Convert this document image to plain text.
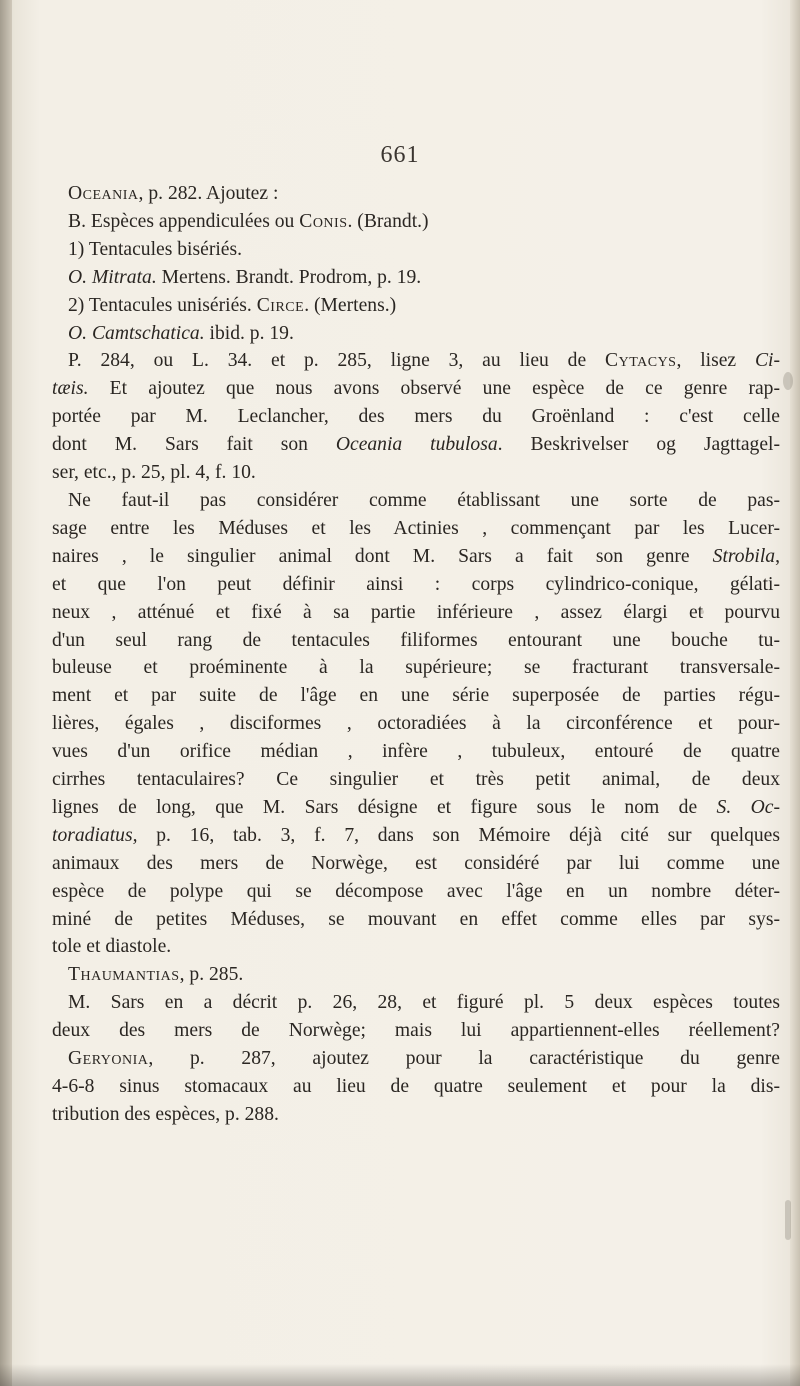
661
Oceania, p. 282. Ajoutez :
B. Espèces appendiculées ou Conis. (Brandt.)
1) Tentacules bisériés.
O. Mitrata. Mertens. Brandt. Prodrom, p. 19.
2) Tentacules unisériés. Circe. (Mertens.)
O. Camtschatica. ibid. p. 19.
P. 284, ou L. 34. et p. 285, ligne 3, au lieu de Cytacys, lisez Ci-
tæis. Et ajoutez que nous avons observé une espèce de ce genre rap-
portée par M. Leclancher, des mers du Groënland : c'est celle
dont M. Sars fait son Oceania tubulosa. Beskrivelser og Jagttagel-
ser, etc., p. 25, pl. 4, f. 10.
Ne faut-il pas considérer comme établissant une sorte de pas-
sage entre les Méduses et les Actinies , commençant par les Lucer-
naires , le singulier animal dont M. Sars a fait son genre Strobila,
et que l'on peut définir ainsi : corps cylindrico-conique, gélati-
neux , atténué et fixé à sa partie inférieure , assez élargi et pourvu
d'un seul rang de tentacules filiformes entourant une bouche tu-
buleuse et proéminente à la supérieure; se fracturant transversale-
ment et par suite de l'âge en une série superposée de parties régu-
lières, égales , disciformes , octoradiées à la circonférence et pour-
vues d'un orifice médian , infère , tubuleux, entouré de quatre
cirrhes tentaculaires? Ce singulier et très petit animal, de deux
lignes de long, que M. Sars désigne et figure sous le nom de S. Oc-
toradiatus, p. 16, tab. 3, f. 7, dans son Mémoire déjà cité sur quelques
animaux des mers de Norwège, est considéré par lui comme une
espèce de polype qui se décompose avec l'âge en un nombre déter-
miné de petites Méduses, se mouvant en effet comme elles par sys-
tole et diastole.
Thaumantias, p. 285.
M. Sars en a décrit p. 26, 28, et figuré pl. 5 deux espèces toutes
deux des mers de Norwège; mais lui appartiennent-elles réellement?
Geryonia, p. 287, ajoutez pour la caractéristique du genre
4-6-8 sinus stomacaux au lieu de quatre seulement et pour la dis-
tribution des espèces, p. 288.
